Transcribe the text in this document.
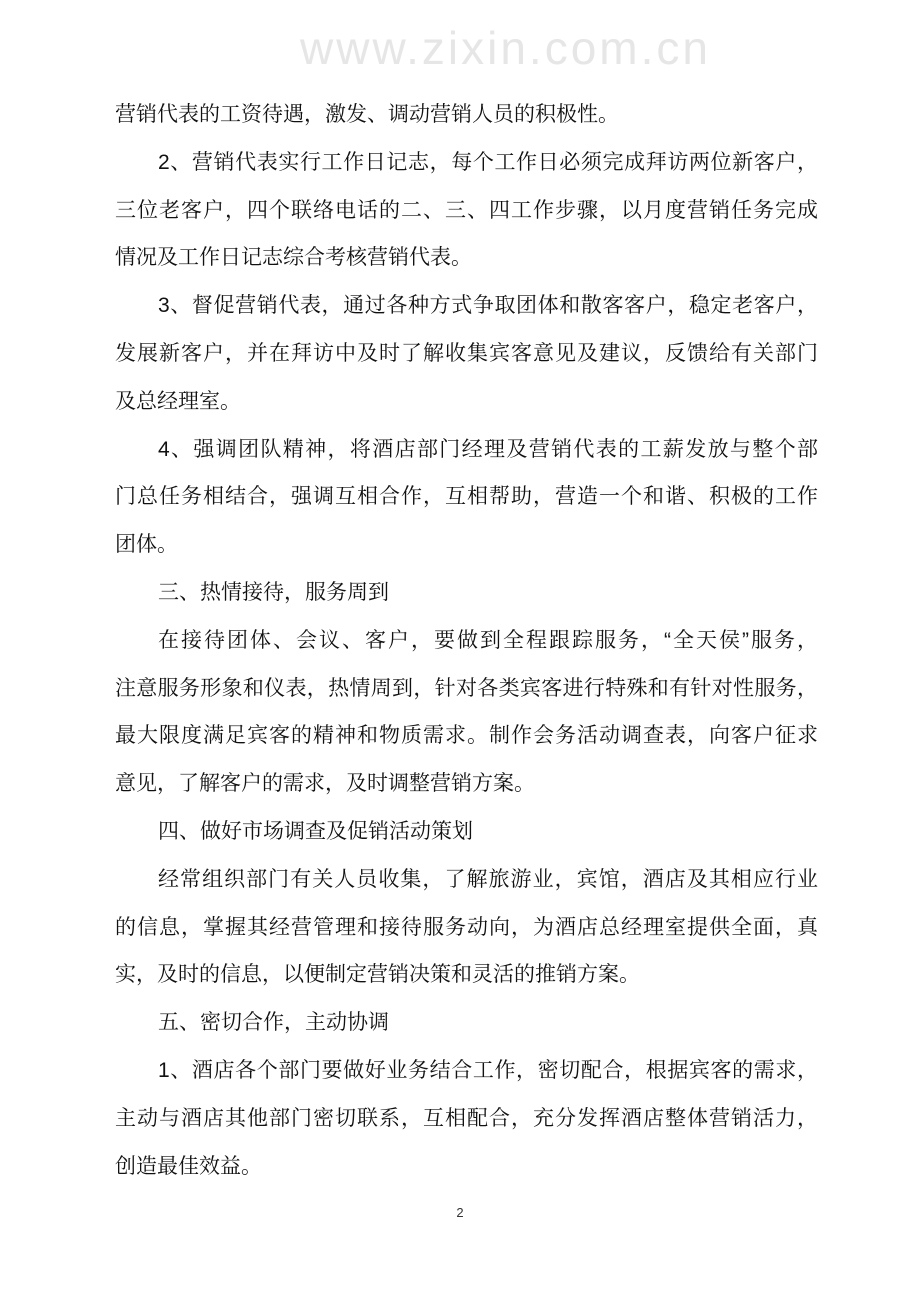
www.zixin.com.cn
营销代表的工资待遇，激发、调动营销人员的积极性。
2、营销代表实行工作日记志，每个工作日必须完成拜访两位新客户，
三位老客户，四个联络电话的二、三、四工作步骤，以月度营销任务完成
情况及工作日记志综合考核营销代表。
3、督促营销代表，通过各种方式争取团体和散客客户，稳定老客户，
发展新客户，并在拜访中及时了解收集宾客意见及建议，反馈给有关部门
及总经理室。
4、强调团队精神，将酒店部门经理及营销代表的工薪发放与整个部
门总任务相结合，强调互相合作，互相帮助，营造一个和谐、积极的工作
团体。
三、热情接待，服务周到
在接待团体、会议、客户，要做到全程跟踪服务，“全天侯”服务，
注意服务形象和仪表，热情周到，针对各类宾客进行特殊和有针对性服务，
最大限度满足宾客的精神和物质需求。制作会务活动调查表，向客户征求
意见，了解客户的需求，及时调整营销方案。
四、做好市场调查及促销活动策划
经常组织部门有关人员收集，了解旅游业，宾馆，酒店及其相应行业
的信息，掌握其经营管理和接待服务动向，为酒店总经理室提供全面，真
实，及时的信息，以便制定营销决策和灵活的推销方案。
五、密切合作，主动协调
1、酒店各个部门要做好业务结合工作，密切配合，根据宾客的需求，
主动与酒店其他部门密切联系，互相配合，充分发挥酒店整体营销活力，
创造最佳效益。
2
